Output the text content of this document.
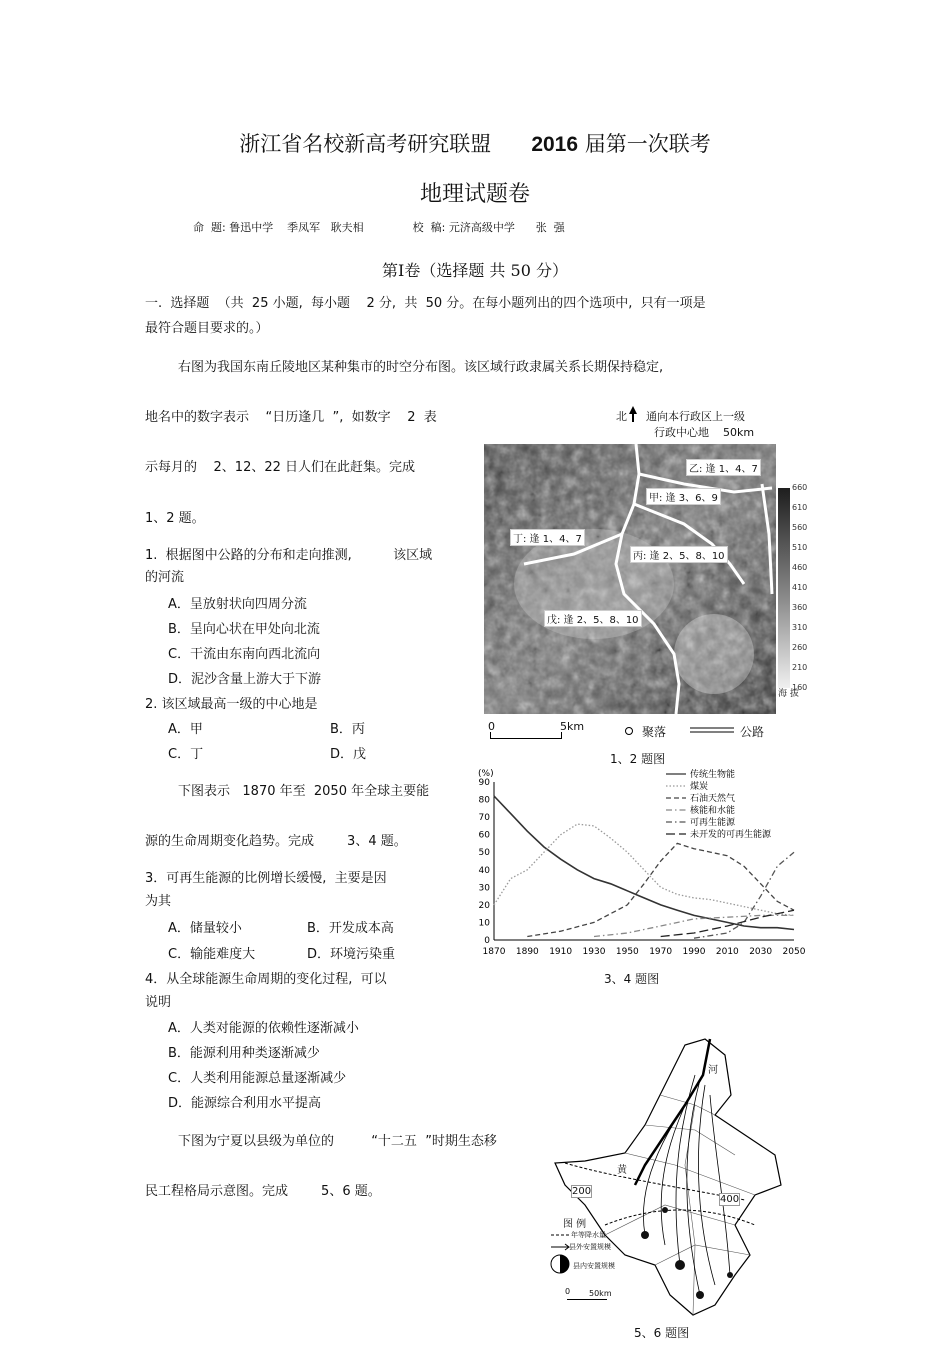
浙江省名校新高考研究联盟 2016 届第一次联考
地理试题卷
命  题: 鲁迅中学    季凤军   耿夫相              校  稿: 元济高级中学      张  强
第Ⅰ卷（选择题 共 50 分）
一.  选择题  （共  25 小题,  每小题    2 分,  共  50 分。在每小题列出的四个选项中,  只有一项是
最符合题目要求的。）
右图为我国东南丘陵地区某种集市的时空分布图。该区域行政隶属关系长期保持稳定,
地名中的数字表示    “日历逢几  ”,  如数字    2  表
示每月的    2、12、22 日人们在此赶集。完成
1、2 题。
1.  根据图中公路的分布和走向推测,          该区域
的河流
A．呈放射状向四周分流
B．呈向心状在甲处向北流
C．干流由东南向西北流向
D．泥沙含量上游大于下游
2. 该区域最高一级的中心地是
A．甲	B．丙
C．丁	D．戊
北 通向本行政区上一级
行政中心地    50km
乙: 逢 1、4、7
甲: 逢 3、6、9
丁: 逢 1、4、7
丙: 逢 2、5、8、10
戊: 逢 2、5、8、10
660
610
560
510
460
410
360
310
260
210
160
海 拔
0	5km	聚落	公路
1、2 题图
下图表示   1870 年至  2050 年全球主要能
源的生命周期变化趋势。完成        3、4 题。
3．可再生能源的比例增长缓慢,  主要是因
为其
A．储量较小	B．开发成本高
C．输能难度大	D．环境污染重
4．从全球能源生命周期的变化过程,  可以
说明
A．人类对能源的依赖性逐渐减小
B．能源利用种类逐渐减少
C．人类利用能源总量逐渐减少
D．能源综合利用水平提高
(%)
0
10
20
30
40
50
60
70
80
90
1870 1890 1910 1930 1950 1970 1990 2010 2030 2050
传统生物能
煤炭
石油天然气
核能和水能
可再生能源
未开发的可再生能源
下图为宁夏以县级为单位的         “十二五  ”时期生态移
民工程格局示意图。完成        5、6 题。
河
黄
200
400
图 例
年等降水量
县外安置规模
县内安置规模
0 50km
5、6 题图
3、4 题图
